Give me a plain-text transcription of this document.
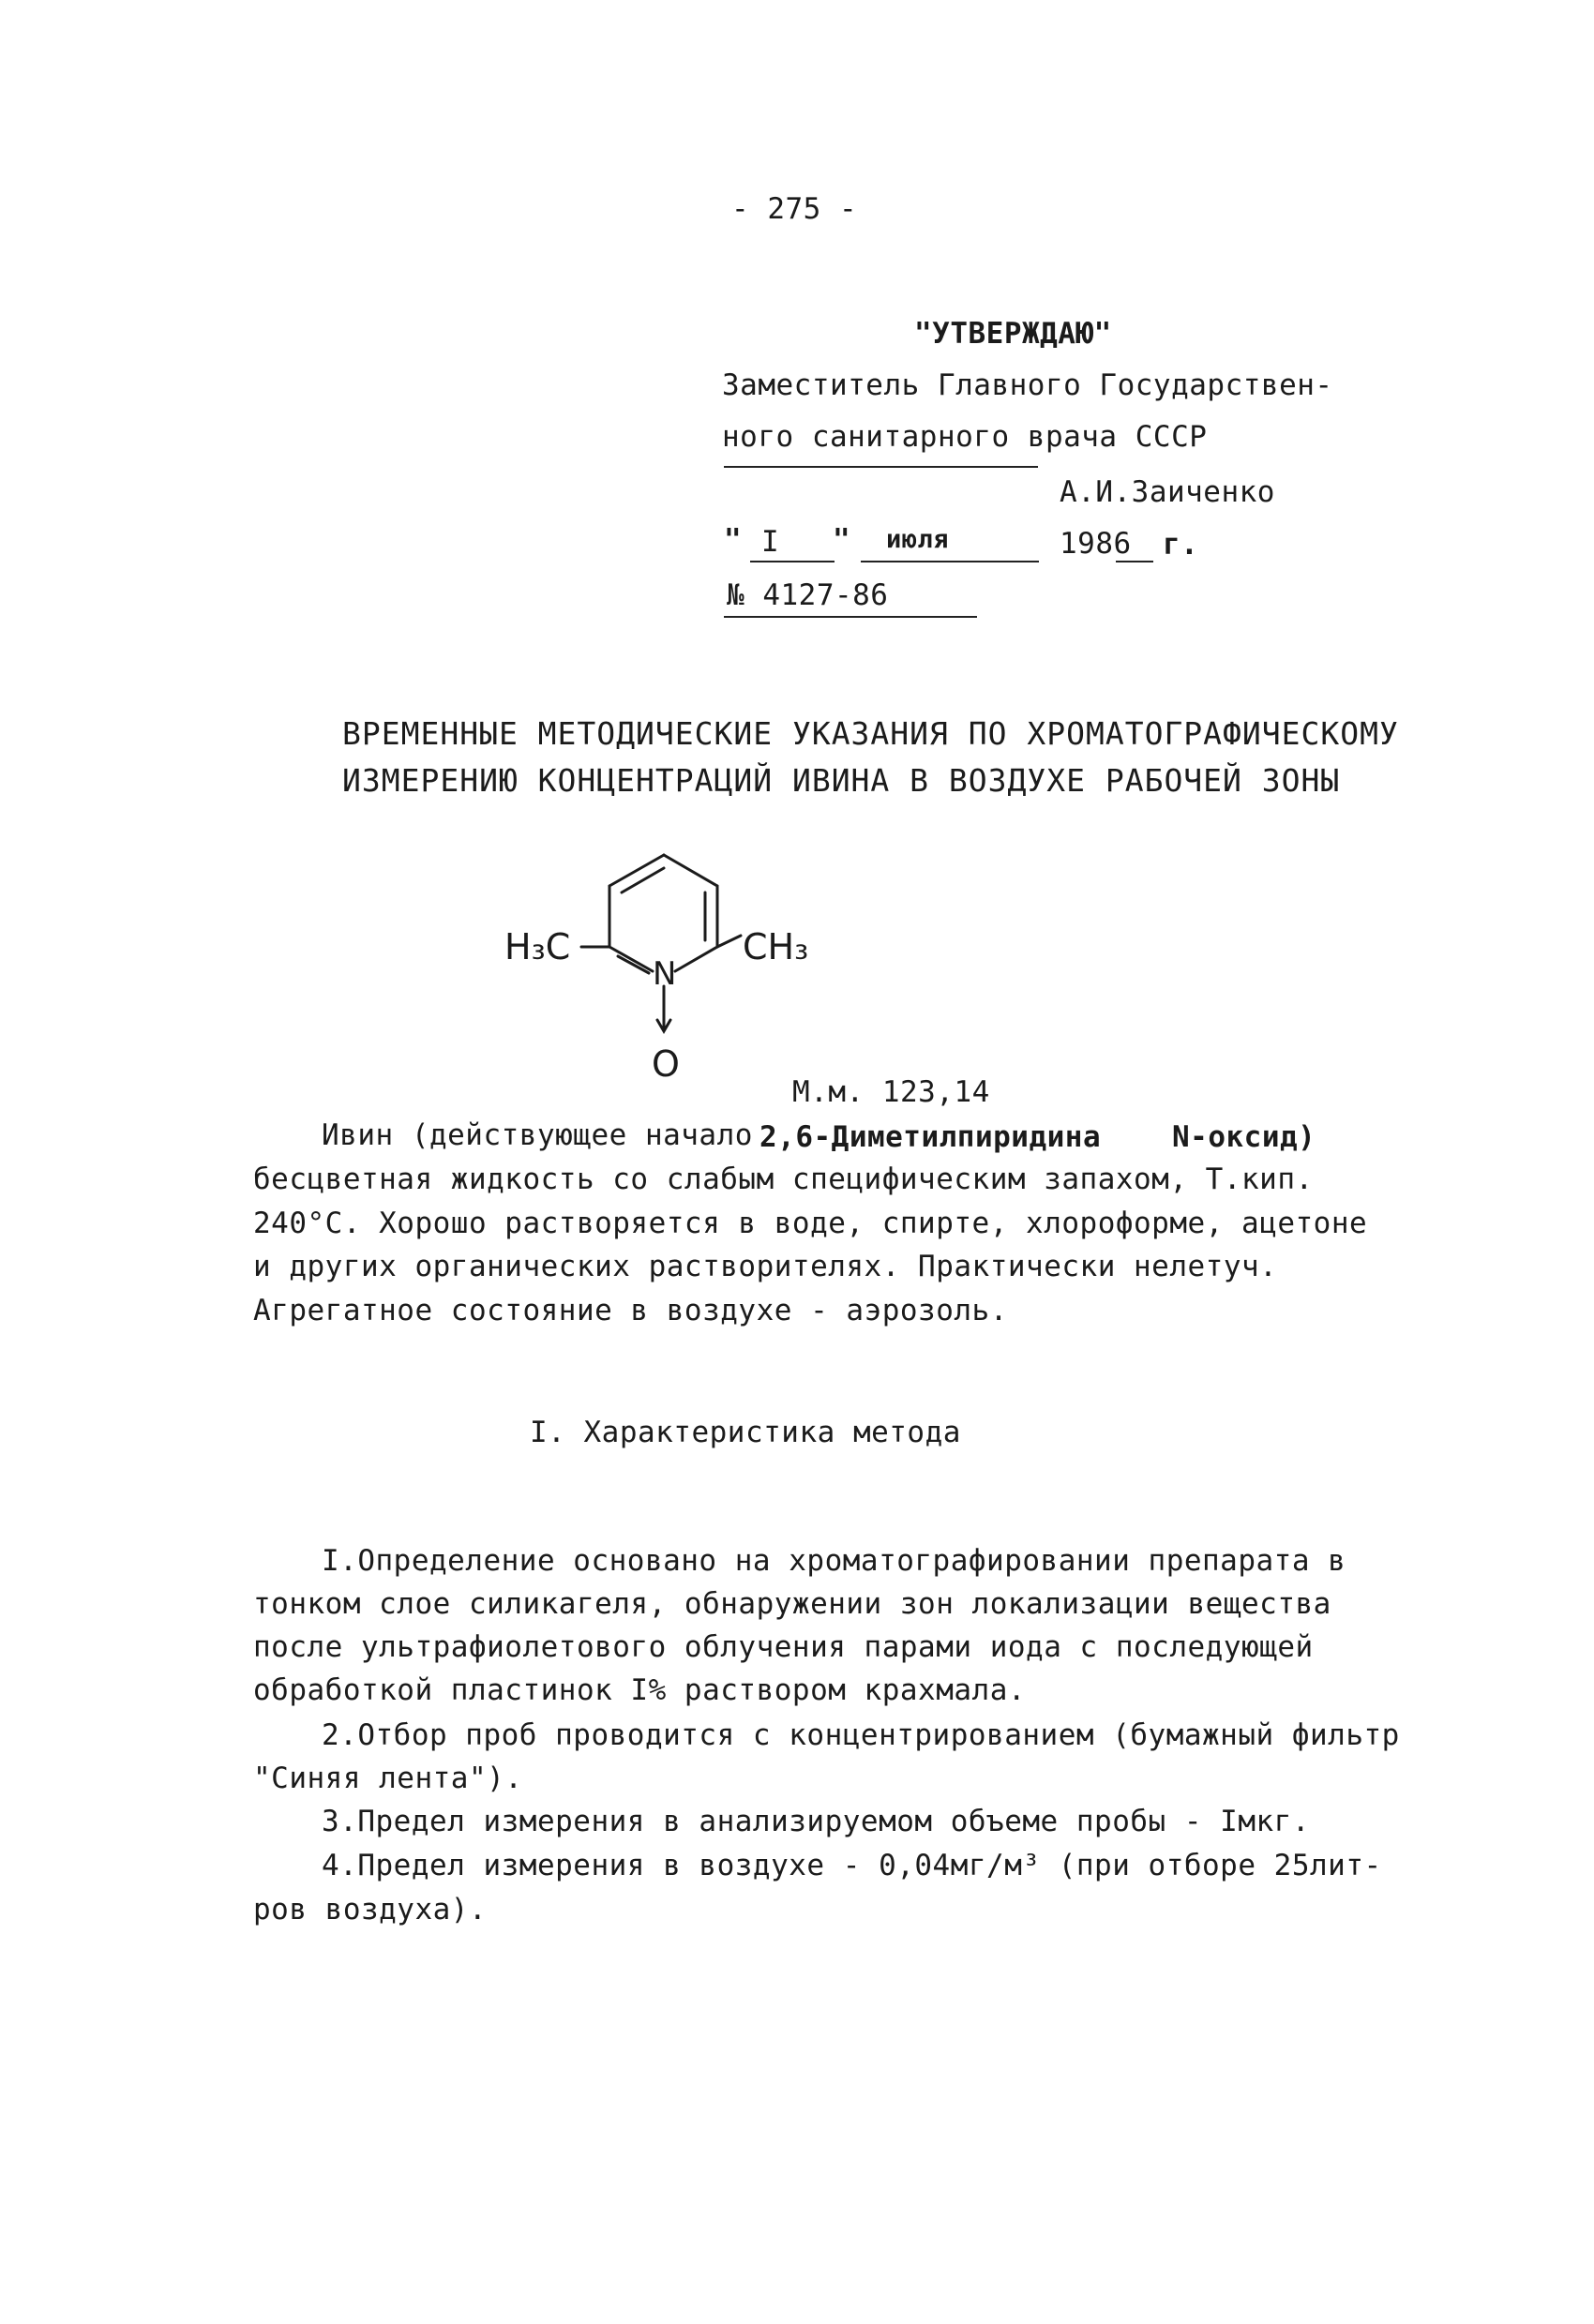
- 275 -
"УТВЕРЖДАЮ"
Заместитель Главного Государствен-
ного санитарного врача СССР
А.И.Заиченко
" I " июля	1986 г.
№ 4127-86
ВРЕМЕННЫЕ МЕТОДИЧЕСКИЕ УКАЗАНИЯ ПО ХРОМАТОГРАФИЧЕСКОМУ
ИЗМЕРЕНИЮ КОНЦЕНТРАЦИЙ ИВИНА В ВОЗДУХЕ РАБОЧЕЙ ЗОНЫ
H₃C
N
CH₃
O
М.м. 123,14
Ивин (действующее начало 2,6-Диметилпиридина N-оксид)
бесцветная жидкость со слабым специфическим запахом, Т.кип.
240°С. Хорошо растворяется в воде, спирте, хлороформе, ацетоне
и других органических растворителях. Практически нелетуч.
Агрегатное состояние в воздухе - аэрозоль.
I. Характеристика метода
I.Определение основано на хроматографировании препарата в
тонком слое силикагеля, обнаружении зон локализации вещества
после ультрафиолетового облучения парами иода с последующей
обработкой пластинок I% раствором крахмала.
2.Отбор проб проводится с концентрированием (бумажный фильтр
"Синяя лента").
3.Предел измерения в анализируемом объеме пробы - Iмкг.
4.Предел измерения в воздухе - 0,04мг/м³ (при отборе 25лит-
ров воздуха).
